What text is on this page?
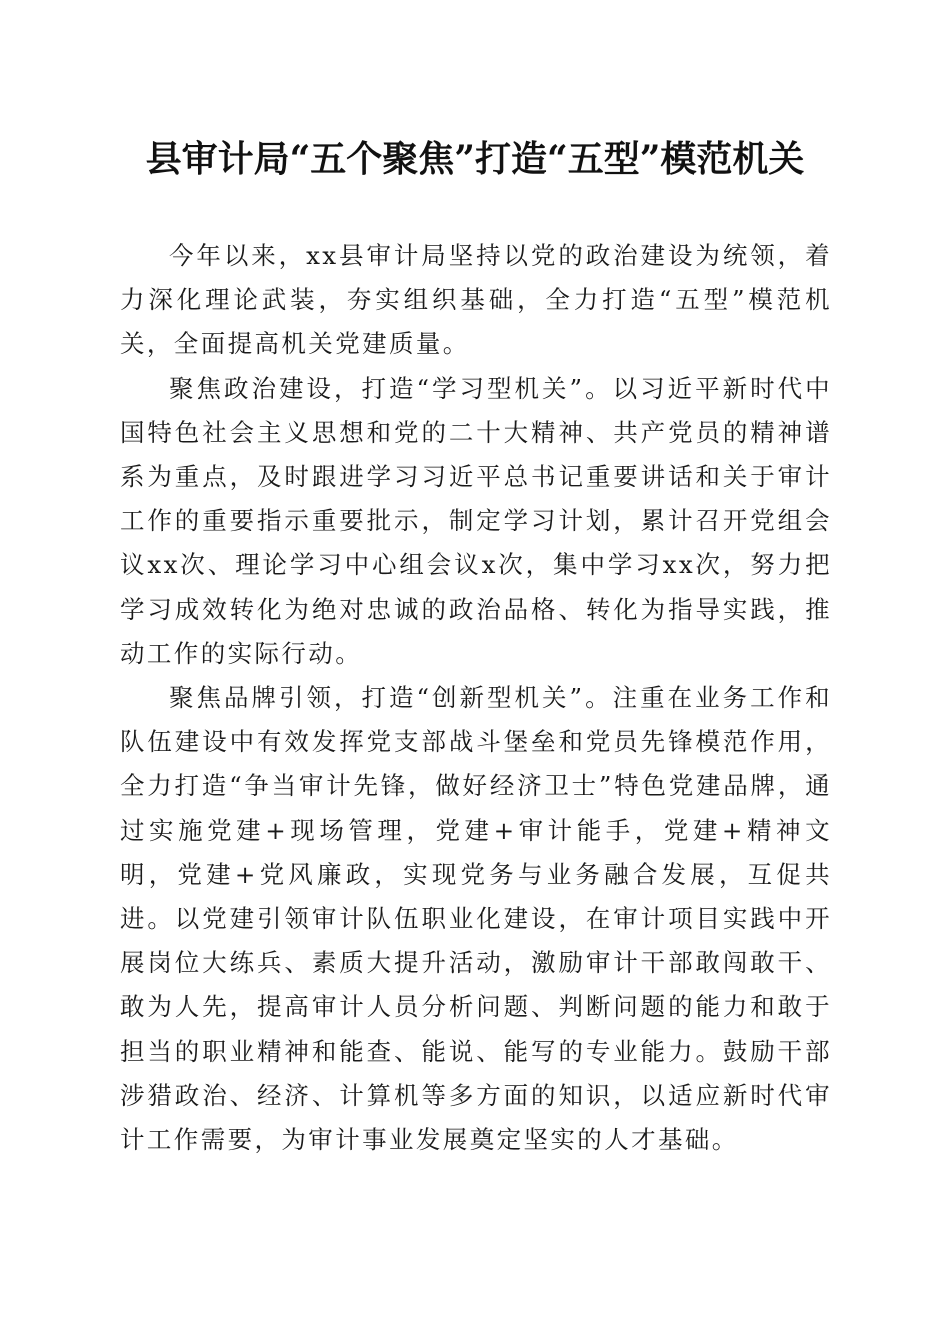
县审计局“五个聚焦”打造“五型”模范机关

今年以来，xx县审计局坚持以党的政治建设为统领，着力深化理论武装，夯实组织基础，全力打造“五型”模范机关，全面提高机关党建质量。

聚焦政治建设，打造“学习型机关”。以习近平新时代中国特色社会主义思想和党的二十大精神、共产党员的精神谱系为重点，及时跟进学习习近平总书记重要讲话和关于审计工作的重要指示重要批示，制定学习计划，累计召开党组会议xx次、理论学习中心组会议x次，集中学习xx次，努力把学习成效转化为绝对忠诚的政治品格、转化为指导实践，推动工作的实际行动。

聚焦品牌引领，打造“创新型机关”。注重在业务工作和队伍建设中有效发挥党支部战斗堡垒和党员先锋模范作用，全力打造“争当审计先锋，做好经济卫士”特色党建品牌，通过实施党建+现场管理，党建+审计能手，党建+精神文明，党建+党风廉政，实现党务与业务融合发展，互促共进。以党建引领审计队伍职业化建设，在审计项目实践中开展岗位大练兵、素质大提升活动，激励审计干部敢闯敢干、敢为人先，提高审计人员分析问题、判断问题的能力和敢于担当的职业精神和能查、能说、能写的专业能力。鼓励干部涉猎政治、经济、计算机等多方面的知识，以适应新时代审计工作需要，为审计事业发展奠定坚实的人才基础。
